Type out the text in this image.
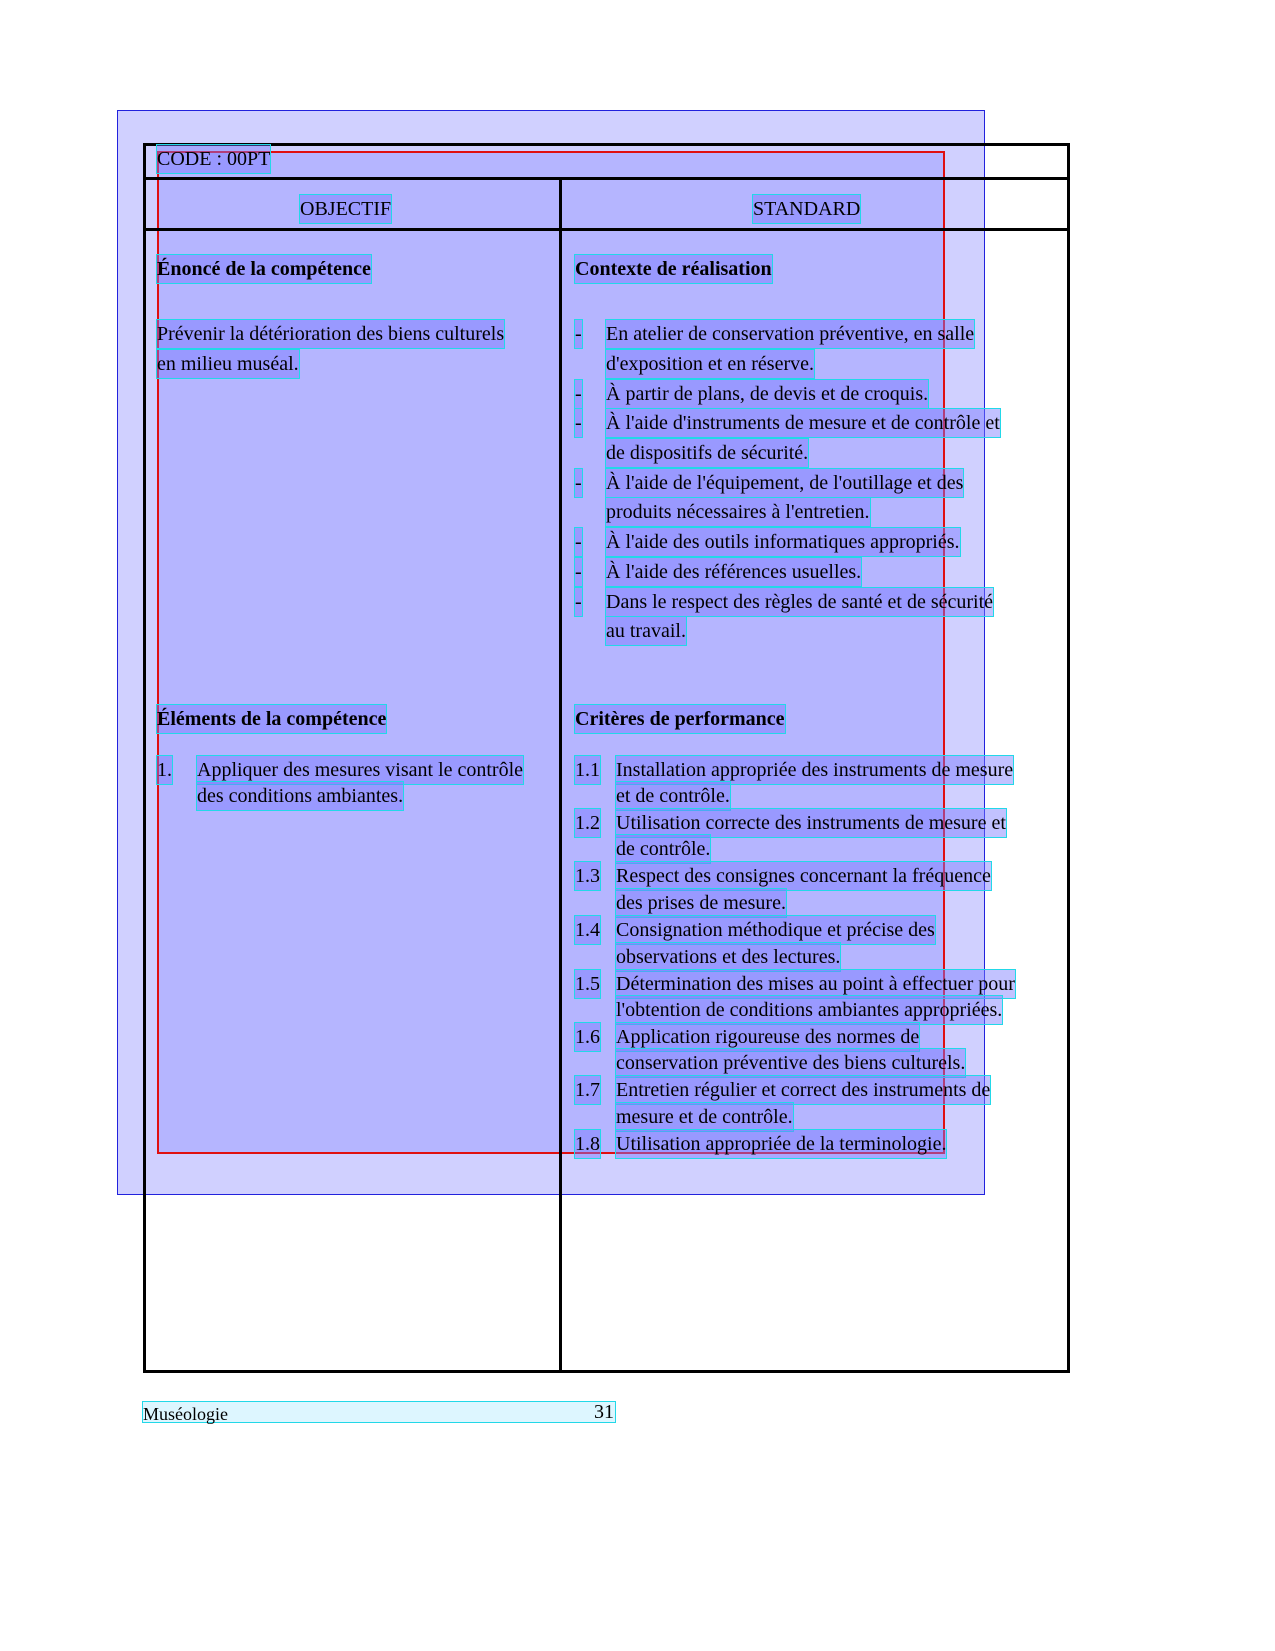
CODE : 00PT
OBJECTIF	STANDARD
Énoncé de la compétence
Prévenir la détérioration des biens culturels
en milieu muséal.
Éléments de la compétence
1. Appliquer des mesures visant le contrôle
des conditions ambiantes.
Contexte de réalisation
- En atelier de conservation préventive, en salle
d'exposition et en réserve.
- À partir de plans, de devis et de croquis.
- À l'aide d'instruments de mesure et de contrôle et
de dispositifs de sécurité.
- À l'aide de l'équipement, de l'outillage et des
produits nécessaires à l'entretien.
- À l'aide des outils informatiques appropriés.
- À l'aide des références usuelles.
- Dans le respect des règles de santé et de sécurité
au travail.
Critères de performance
1.1 Installation appropriée des instruments de mesure
et de contrôle.
1.2 Utilisation correcte des instruments de mesure et
de contrôle.
1.3 Respect des consignes concernant la fréquence
des prises de mesure.
1.4 Consignation méthodique et précise des
observations et des lectures.
1.5 Détermination des mises au point à effectuer pour
l'obtention de conditions ambiantes appropriées.
1.6 Application rigoureuse des normes de
conservation préventive des biens culturels.
1.7 Entretien régulier et correct des instruments de
mesure et de contrôle.
1.8 Utilisation appropriée de la terminologie.
Muséologie	31
